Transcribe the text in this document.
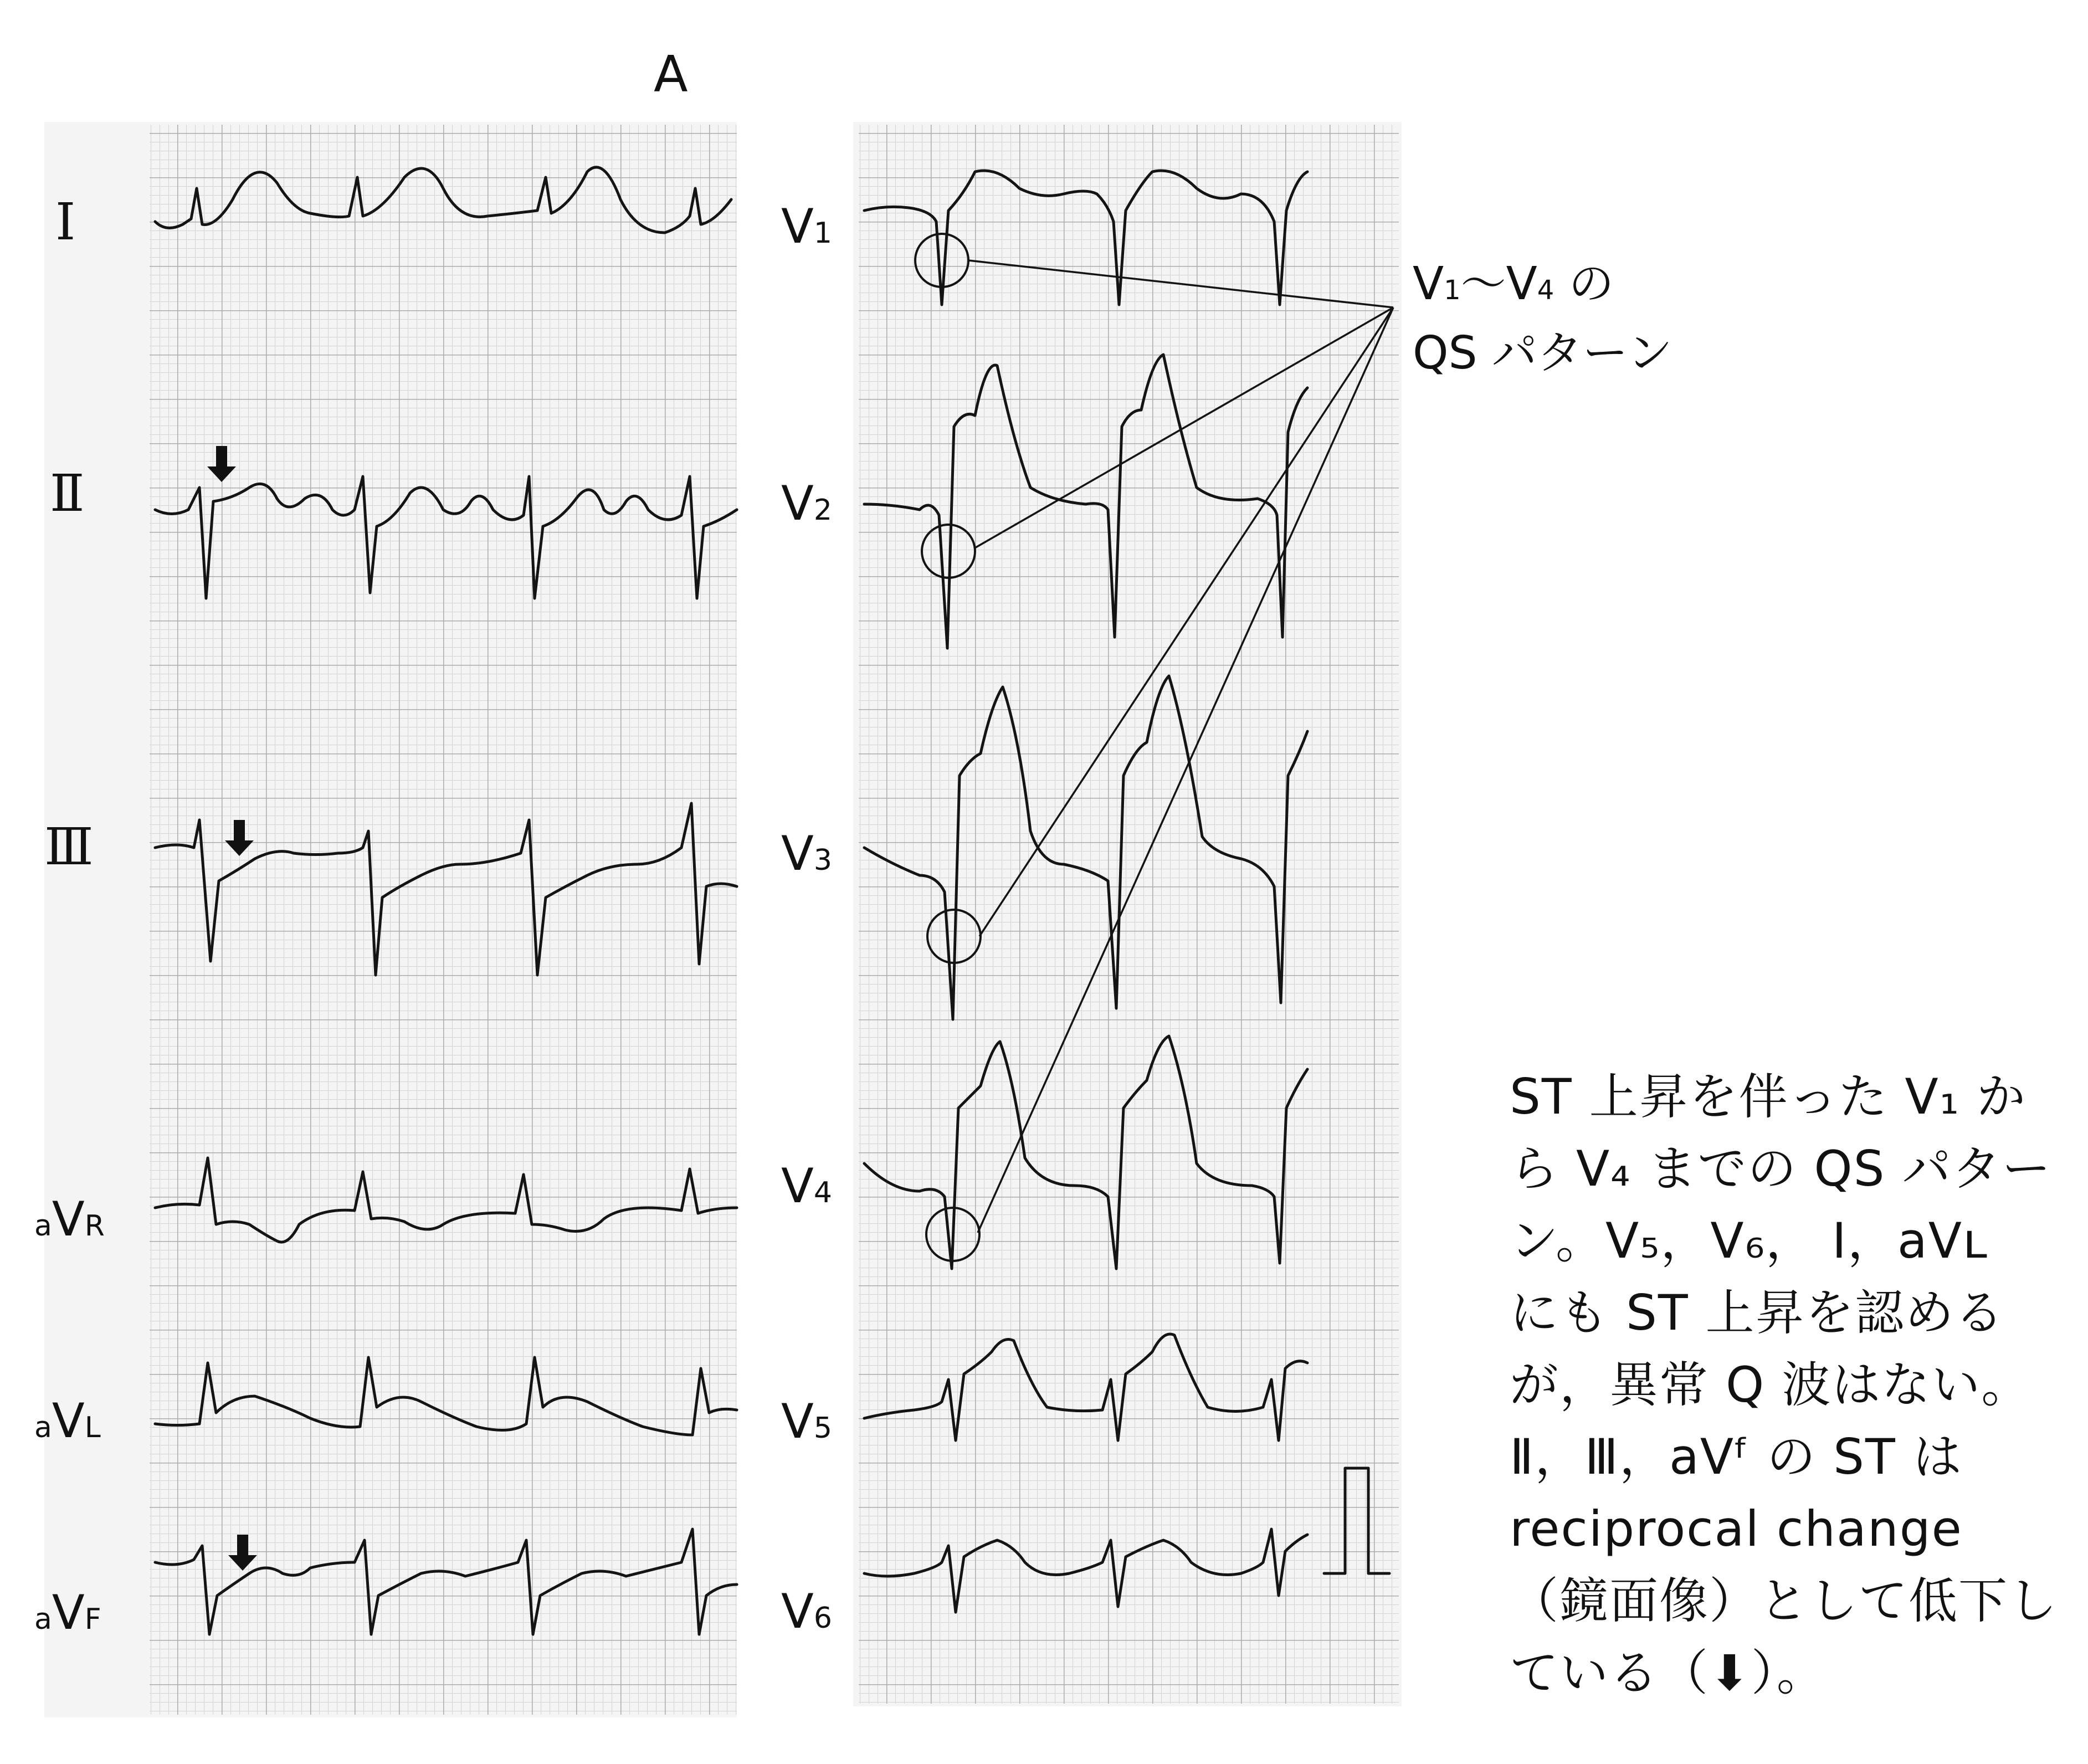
A
Ⅰ
Ⅱ
Ⅲ
aVR
aVL
aVF
V1
V2
V3
V4
V5
V6
V1〜V4 の
QS パターン
ST 上昇を伴った V₁ か
ら V₄ までの QS パター
ン。V₅，V₆， Ⅰ，aVʟ
にも ST 上昇を認める
が，異常 Q 波はない。
Ⅱ，Ⅲ，aVᶠ の ST は
reciprocal change
（鏡面像）として低下し
ている（⬇）。
